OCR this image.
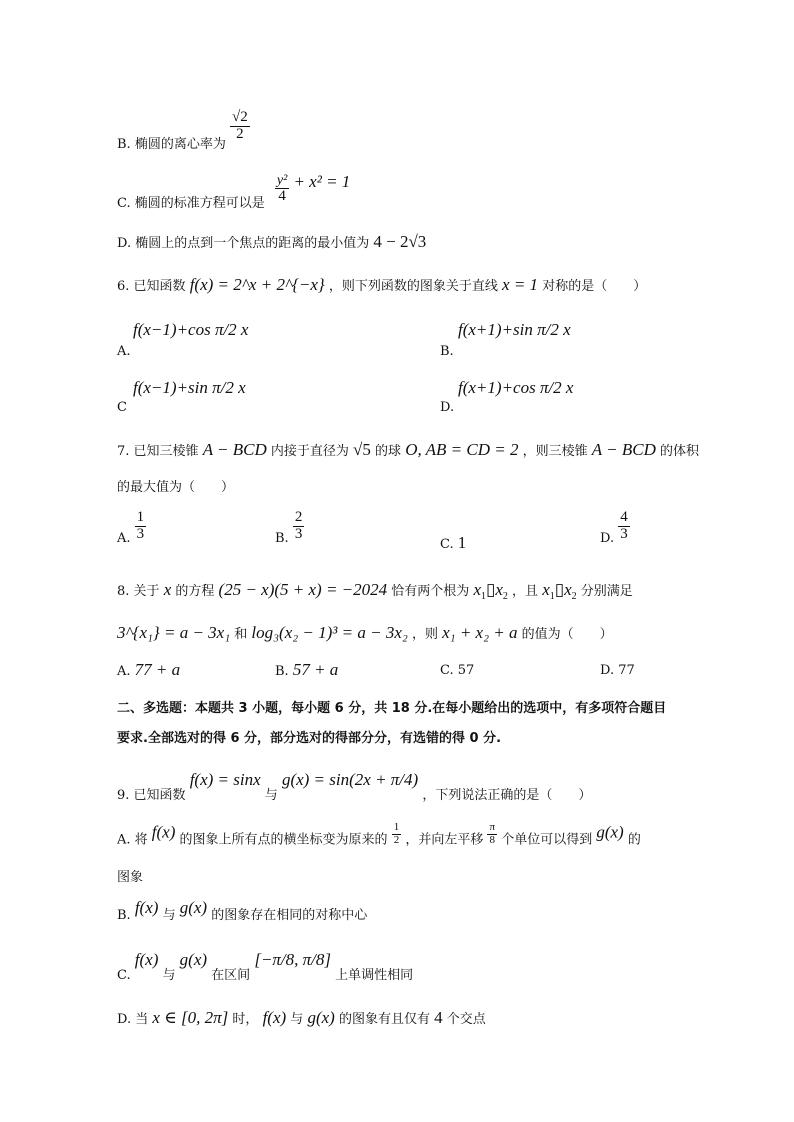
B. 椭圆的离心率为
$\frac{√2}{2}$
C. 椭圆的标准方程可以是 $\frac{\text{y²}}{4} + x^2 = 1$
D. 椭圆上的点到一个焦点的距离的最小值为 4 − 2√3
6. 已知函数 f(x) = 2^x + 2^{−x} ，则下列函数的图象关于直线 x = 1 对称的是（　　）
A.
f(x−1)+cos π/2 x
B.
f(x+1)+sin π/2 x
C
f(x−1)+sin π/2 x
D.
f(x+1)+cos π/2 x
7. 已知三棱锥 A − BCD 内接于直径为 √5 的球 O, AB = CD = 2 ，则三棱锥 A − BCD 的体积
的最大值为（　　）
A. $\frac{1}{3}$	B. $\frac{2}{3}$
C. 1	D. $\frac{4}{3}$
8. 关于 x 的方程 (25 − x)(5 + x) = −2024 恰有两个根为 $x_1▯x_2$ ，且 $x_1▯x_2$ 分别满足
3^{x₁} = a − 3x₁ 和 log₃(x₂ − 1)³ = a − 3x₂ ，则 x₁ + x₂ + a 的值为（　　）
A. 77 + a	B. 57 + a	C. 57	D. 77
二、多选题：本题共 3 小题，每小题 6 分，共 18 分.在每小题给出的选项中，有多项符合题目
要求.全部选对的得 6 分，部分选对的得部分分，有选错的得 0 分.
9. 已知函数 f(x) = sinx 与 g(x) = sin(2x + π/4) ，下列说法正确的是（　　）
A. 将 f(x) 的图象上所有点的横坐标变为原来的 $\frac{1}{2}$ ，并向左平移 $\frac{\pi}{8}$ 个单位可以得到 g(x) 的
图象
B. f(x) 与 g(x) 的图象存在相同的对称中心
C. f(x) 与 g(x) 在区间 [−π/8, π/8] 上单调性相同
D. 当 x ∈ [0, 2π] 时， f(x) 与 g(x) 的图象有且仅有 4 个交点
